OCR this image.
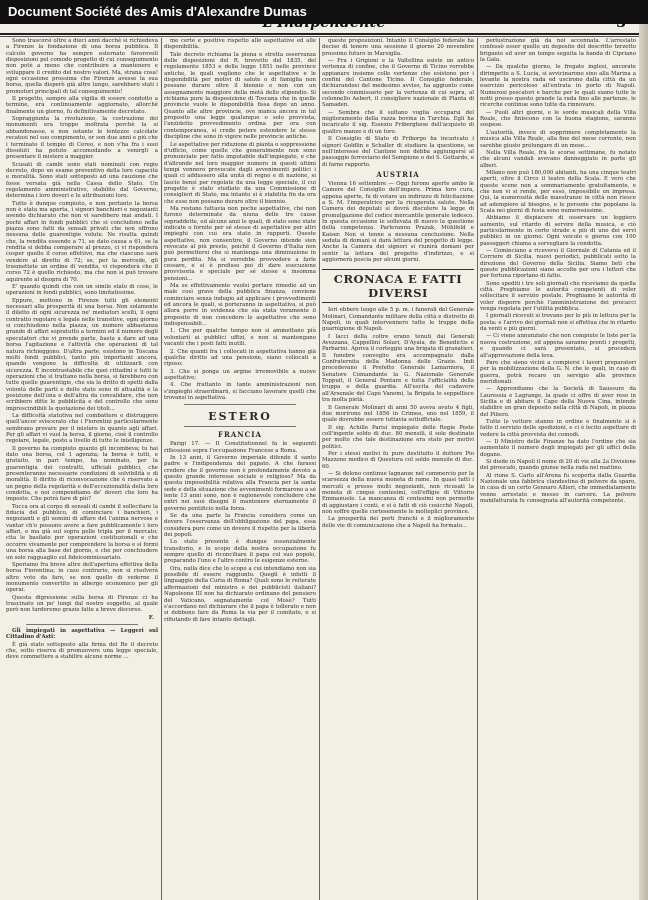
Document Société des Amis d'Alexandre Dumas
L'Indipendente	3

Sono trascorsi oltre a dieci anni dacchè si richiedeva a Firenze la fondazione di una borsa pubblica. Il calcolo governo ha sempre esternato favorevoli disposizioni pel comodo progetto di cui conseguimento non potè a meno che contribuire a mantenere e sviluppare il credito del nostro valori. Ma, strana cosa! ogni occasione prossima che Firenze avesse la sua borsa, quella disperò già altre lungo, sarebbero stati i promotori principali di tal conseguimento!

Il progetto, sempre alla vigilia di essere condotto a termine, era continuamente aggiornato, allorchè finalmente un giorno, fu definitivamente decretato.

Sopraggiunta la rivoluzione, la costruzione dei monumenti era troppo inoltrata perchè la si abbandonasse, e non ostante le lentezze calcolate recatosi nel suo compimento, or son due anni e più che i terminato il tempio di Cereo, e non v'ha fra i suoi dissoluti ha potuto accomodando a venirgli a presentare il mistero a maggior.

Scusati di cambi sono stati nominati con regio decreto, dopo un esame preventivo della loro capacità e moralità. Sono stati sottoposti ad una cauzione che fosse versata già nella Cassa dello Stato. Un regolamento amministrativo, stabilito dal Governo, determina i loro doveri e le attribuzioni loro.

Tutto è dunque compiuto, e non pertanto la borsa non è stata ma aperta, i signori banchieri e negozianti avendo dichiarato che non vi sarebbero mai andati. I pochi affari in fondi pubblici che si concludono nella piazza sono fatti da sensali privati che non offrono nessuna delle guarentigie volute. Ne risulta quindi che, la rendita essendo a 71, se dato causa a 61, se la rendita si debba comperare al prezzo, ci vi risponderà cosper quello il corso effettivo, ma che ciascuno sarà vendere al diretto di 72; se, per la mercede, gli trasmettete un ordine di vendita, vi risponderà che il corso 72 è quello richiesto, ma che non si può trovare aquirente al disopra di 70.

E' quando quindi che con un simile stato di cose, le operazioni in fondi pubblici, sono limitatissime.

Eppure, mettono in Firenze tutti gli elementi necessari alla prosperità di una borsa. Non solamente il diletto di ogni sicurezza ne' mediatori scelti, il ogni contratto regolare e legale nelle transitive, ogni giorno si conchiudono nella piazza, un numero abbastanza grande di affari sopratutto a termini ed il numero degli speculatori che vi prende parte, basta a dare ad una borsa l'agitazione e l'attività che operazioni di tal natura richieggono. D'altra parte, esistono in Toscana molti fondi pubblici, tanto più importanti ancora, quando vengono la difficoltà di utilizzarli con sicurezza. È incontrastabile che quei cittadini e tutti le operazioni che si trattano nella borsa, si farebbero con tutte quelle guarentigie, che sia la dritto di spetti dalla volontà delle parti e dello stato sono di attualità e la posizione dell'una e dell'altra da convalidare, che non scribbero ditte le pubblicità e del controllo che sono imprescindibili la quotazione dei titoli...

La difficoltà statutiva nel combattere e distruggere quell'ancor sviscerato che i Fiorentini particolarmente sembrano provare per il mistero in quanto agli affari. Per gli affari vi vuol la borsa, il giorno, cioè il controllo regolare, legale, posto a livello di tutte le intelligenze.

Il governo ha compiuto quanto gli incombeva; tu hai dato una borsa, col 1 agenzia; la borsa è tutti, e gratuito, in pari tempo, ha nominato, per la guarentigia dei contratti, ufficiali pubblici, che presenteranno necessarie condizioni di solvibilità e di moralità. Il diritto di riconvocazione che è riservato a un pegno della regolarità e dell'eccezionalità della loro condotta, e noi compendiamo de' doveri che loro ha imposto. Che potrà fare di più?

Tocca ora al corpo di sensali di cambi il sollecitare la fiducia del pubblico, di cominciare i banchieri, i negozianti e gli uomini di affare del l'anima nervose e vantar ch'e possono avere a fare pubblicamente i loro affari, e ma già sul sopra pelle tripla per il mercato; cita le basilato por operazioni costituzionali e che occorre vivamente per comprendere la borsa e si formi una borsa alla base del giorno, e che per conchiudere un solo ragguaglio sul fideicommissariato.

Speriamo fra breve altre dell'apertura effettiva della borsa Fiorentina; in caso contrario, non si risolverà altro voto da fare, se non quello di vederne il monumento convertito in albergo economico per gli operai.

Questa digressione sulla borsa di Firenze ci ha trascinato un po' lungi dal nostro soggetto, al quale però non tarderemo grazie fatte a breve discorso.

F.

Gli impiegati in aspettativa — Leggeri sul Cittadino d'Asti:

È già stato sottoposto alla firma del Re il decreto che, sotto riserva di promuovere una legge speciale, deve commettere a stabilire alcune norme ...

me certe e positive rispetto alle aspettative ed alle disponibilità.

Tale decreto richiama la piena e stretta osservanza delle disposizioni del R. brevetto del 1835, del regolamento 1853 e della legge 1851 nelle province antiche, le quali vogliono che le aspettative e le disponibilità per motivi di salute o di famiglia non possano durare oltre il biennio e non con un assegnamento maggiore della metà dello stipendio. Si richiama pure la disposizione di Toscana che in quelle provincie vuole le disponibilità fissa dopo un anno. Quanto alle altre provincie, ove manca ancora in tal proposito una legge qualunque o solo provvista, l'anzidetto provvedimento ordina per ora con contemporanea, si crede potere estendere le stesse discipline che sono in vigore nelle provincie antiche.

Le aspettative per riduzione di pianta o soppressione d'ufficio, come quelle che generalmente non sono pronunciate per fatto imputabile dall'impiegato, e che d'altronde nel loro maggior numero in questi ultimi tempi vennero provocate dagli avvenimenti politici i quali ci addussero alla unità di regno e di nazione, si lascio bensì per regolate da una legge speciale, il cui progetto è stato studiato da una Commissione di consiglieri di Stato, ma intanto si è stabilita fin da ora che esse non possano durare oltre il biennio.

Ma restano tuttavia non poche aspettative, che non furono determinate da niuna delle tre cause sopraddette, ed alcune anzi le quali, di stato sono state indicate o fornite per sé stesse di aspettative per altri impieghi con cui era stato in rapporti. Queste aspettative, non consentire, il Governo intende sien revocate al più presto, poichè il Governo d'Italia non può permettersi che si mantenga una diminuzione in pura perdita. Ma si vorrebbe provvedere a farle cessare, e si è prefisso poi di dare esecuzione provvisoria e speciale per sé stesse e insomma pensioni...

Ma se effettivamente vuolsi portare rimedio ad un male così grave della pubblica finanza, conviene cominciare senza indugio ad applicare i provvedimenti ed ancora le quali, si porteranno in aspettativa, si può allora porre in evidenza che sia stata veramente il proposito di non concedere le aspettative che sono indispensabili...

1. Che per qualche tempo non si ammettano più volontarii ai pubblici uffizi, e non si mantengano vacanti che i posti fatti inutili.

2. Che quanti fra i collocati in aspettativa hanno già qualche diritto ad una pensione, siano collocati a riposo;

3. Che si ponga un argine irremovibile a nuove aspettative;

4. Che frattanto in tante amministrazioni non s'impieghi straordinarii, si facciano lavorare quelli che trovansi in aspettativa.

ESTERO
FRANCIA

Parigi 17. — Il Constitutionnel fa le seguenti riflessioni sopra l'occupazione Francese a Roma.

In 13 anni, il Governo imperiale difende il santo padre e l'indipendenza del papato. A che farassi credere che il governo non è profondamente devoto a questo grande interesse sociale e religioso? Ma da questa impossibilità relativa alla Francia per la santa sede e della situazione che avvenimenti formarono a sé lente 13 anni sono, non è ragionevole concludere che entri nei suoi disegni il mantenere eternamente il governo pontificio nella forza.

Se da una parte la Francia considera come un dovere l'osservanza dell'obbligazione del papa, essa considera pure come un dovere il rispetto per la libertà dei popoli.

Lo stato presente è dunque essenzialmente transitorio, e lo scopo della nostra occupazione fu sempre quello di riconciliare il papa col suo popolo, preparando l'uno e l'altro contro le esigenze esterne.

Ora, nulla dice che lo scopo a cui intendiamo non sia possibile di essere raggiunto. Quegli è infatti il linguaggio della Curia di Roma? Quali sono le reiterate affermazioni del ministro e dei pubblicisti italiani? Napoleone III non ha dichiarato ordinano del pensiero del Vaticano, segnatamente col Mosè? Tutti s'accordano nel dichiarare che il papa è tollerato e non si debbono fare da Roma la via per il comitato, e si rifiutando di fare intanto dettagli.

queste proposizioni. Intanto il Consiglio federale ha deciso di tenere una sessione il giorno 20 novembre prossimo futuro in Marsiglia.

— Fra i Grigioni e la Valtellina esiste un antico vertenza di confine, che il Governo di Ticino vorrebbe appianare insieme colle vertenze che esistono per i confini del Cantone Ticino. Il Consiglio federale, dichiarandosi del medesimo avviso, ha aggiunto come secondo commissario per la vertenza di cui sopra, al colonnello Aebert, il consigliere nazionale di Planta di Samaden.

— Sembra che il sultano voglia occuparsi del miglioramento della razza bovina in Turchia. Egli ha incaricato il sig. Essexiu Friberghese dell'acquisto di qualtro manze e di un toro.

Il Consiglio di Stato di Friborgo ha incaricato i signori Goldlin e Schaller di studiare la questione, se nell'interesse del Cantone non debba aggiungersi al passaggio ferroviario del Sempione o del S. Gottardo, e di farne rapporto.

AUSTRIA

Vienna 16 settembre — Oggi furono aperte ambo le Camere del Consiglio dell'impero. Prima loro cura, appena aperte, fu di votare un indirizzo di felicitazione a S. M. l'imperatrice per la ricuperata salute. Nella Camera dei deputati si dovrà discutere la legge di promulgazione del codice mercantile generale tedesco. In questa occasione le sollevata di nuovo la questione della competenza. Parleranno Prazak, Mühlfeld e Kaiser. Non si tenne a nessuna conclusione. Nella seduta di domani si darà lettura del progetto di legge. Anche la Camera dei signori si riunirà domani per sentir la lettura del progetto d'indirizzo, e si aggiornerà poscia per alcuni giorni.

CRONACA E FATTI DIVERSI

Ieri ebbero luogo alle 5 p. m. i funerali del Generale Molinari, Comandante militare della città e distretto di Napoli, in quali intervennero tutte le truppe della guarnigione di Napoli.

I lacci della coltre erano tenuti dai Generali Avezzana, Cappellini Solari, D'Ayala, de Benedictis e Parbarini. Apriva il corteggio una brigata di granatieri. Il funebre convoglio era accompagnato dalla Confraternita della Madonna delle Grazie. Indi procedevano il Prefetto Generale Lamarmora, il Senatore Comandante la G. Nazionale Generale Toppuit, il General Pontare e tutta l'ufficialità della truppa e della guardia. All'uscita del cadavere all'Arsenale del Capo Vanomi, la Brigata lo seppellisce tra molta pietà.

Il Generale Molinari di anni 50 aveva avuto 4 figli, due morirono nel 1856 in Crimea, uno nel 1859, il quale dovrebbe essere tuttavia sottufficiale.

Il sig. Achille Parisi impiegato delle Regie Poste coll'ingente soldo di duc. 80 mensili, il sole destinato per molto che tale destinazione era stato per motivi politici.

Per i stessi motivi fu pure destituito il dottore Pio Mazzone medico di Questura col soldo mensile di duc. 60.

— Si dolono continue lagnanze nel commercio per la scarsezza della nuova moneta di rame. In quasi tutti i mercati e presso molti negozianti, non ricusati la moneta di cinque centesimi, coll'effigie di Vittorio Emmanuele. La mancanza di centesimi non permette di aggiustare i conti, e si è fatti di ciò cosicché Napoli, non soffre quelle cortesemente le molteplici province.

La prosperità dei porti franchi e il miglioramento delle vie di comunicazione che a Napoli ha formato...

perlustrazione già da noi accennata. L'arrestato confessò esser quello un deposito del descritto terzetto brigante ed aver un tempo seguita la banda di Cipriano la Gala.

— Da qualche giorno, le fregate inglesi, ancorate dirimpetto a S. Lucia, si avvicinarono sino alla Marina a levante la nostra rada ed uscirono dalla città da un esercizio pericoloso all'entrata in porto di Napoli. Numerosi pescatori e barche per le quali siamo tutte le notti presso questo grande la rada fino alle partenze, le ricerche continue sono tutte da rinnovare.

— Puoli altri giorni, e le sorde musicali della Villa Reale, che finiscono con la buona stagione, saranno sospese.

L'autorità, invece di sopprimere completamente la musica alla Villa Reale, alla fine del mese corrente, non sarebbe giusto prolungare di un mese...

Nella Villa Reale, fra le scorse settimane, fu notato che alcuni vandali avevano danneggiato in parte gli alberi.

Milano non può 180,000 abitanti, ha una cinque teatri aperti, oltre il Circo il teatro della Scala. E vero che queste scene non a sommariamente gratuitamente, e che non vi si rende, per esso, impossibile un impresa. Qui, la numerosità delle maestranze in città non riesce ad adempiere al bisogno, e le persone che popolano la Scala nei giorni di festa sono numerosissime.

Abbiamo il dispiacere di osservare un leggiero aumento, sul ritardo di servire della musica, e ciò particolarmente in certe strade e più di uno dei servi pubblici in un giorno. Ogni veicolo e giorno con 100 passeggeri chiama a sorvegliare la condotta.

— Cominciano a riceversi il Giornale di Catania ed il Corriere di Sicilia, nuovi periodici, pubblicati sotto la direzione del Governo della Sicilia. Siamo lieti che queste pubblicazioni siano accolte per ora i lettori che per fortuna riportano di fatto.

Sono spediti i tre soli giornali che riceviamo da quella città. Preghiamo le autorità competenti di voler sollecitare il servizio postale. Preghiamo le autorità di voler disporre perchè l'amministrazione dei procacci venga regolata per l'utilità pubblica.

I giornali ricevuti si trovano per lo più in lettura per la posta; e l'arrivo dei giornali non si effettua che in ritardo da venti e più giorni.

— Ci viene annunziato che non compiute le liste per la nuova costruzione, ed appena saranno pronti i progetti, e quando ci sarà presentato, si procederà all'approvazione della leva.

Pare che sieno vicini a compiersi i lavori preparatori per la mobilizzazione della G. N. che le quali, in caso di guerra, potrà recare un servigio alle province meridionali.

— Apprendiamo che la Società di Saussure da Lauressia e Lagrange, la quale ci offre di aver reso in Sicilia e di abitare il Capo della Nuova Cina, intende stabilire un gran deposito nella città di Napoli, in piazza del Piliero.

Tutte le vetture stanno in ordine e finalmente si è fatto il servizio delle spedizioni, e ci è lecito aspettare di vedere la città provvista dei comodi.

— Il Ministro delle Finanze ha dato l'ordine che sia aumentato il numero degli impiegati per gli uffici delle dogane.

Si diede in Napoli il nome di 20 di vie alla 2a Divisione del piroscafo, quando giunse nella rada nel mattino.

Al rione S. Carlo all'Arena fu scoperta dalla Guardia Nazionale una fabbrica clandestina di polvere da sparo, in casa di un certo Gennaro Allieri, che immediatamente venne arrestato e messo in carcere. La polvere manifatturata fu consegnata all'autorità competente.
